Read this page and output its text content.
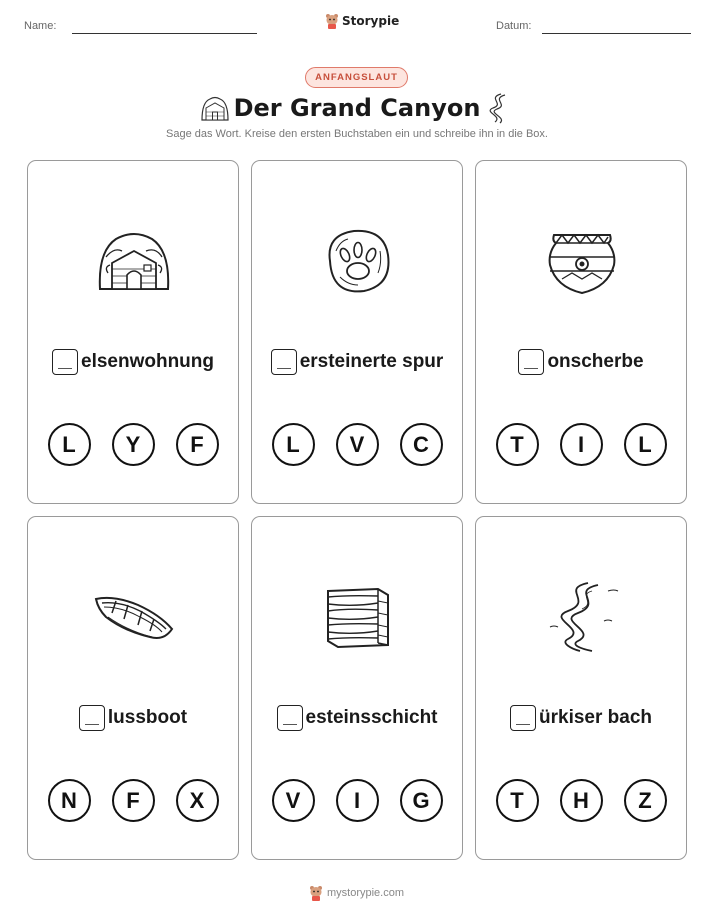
Name:	Storypie	Datum:
ANFANGSLAUT
Der Grand Canyon
Sage das Wort. Kreise den ersten Buchstaben ein und schreibe ihn in die Box.
elsenwohnung
L	Y	F
ersteinerte spur
L	V	C
onscherbe
T	I	L
lussboot
N	F	X
esteinsschicht
V	I	G
ürkiser bach
T	H	Z
mystorypie.com
